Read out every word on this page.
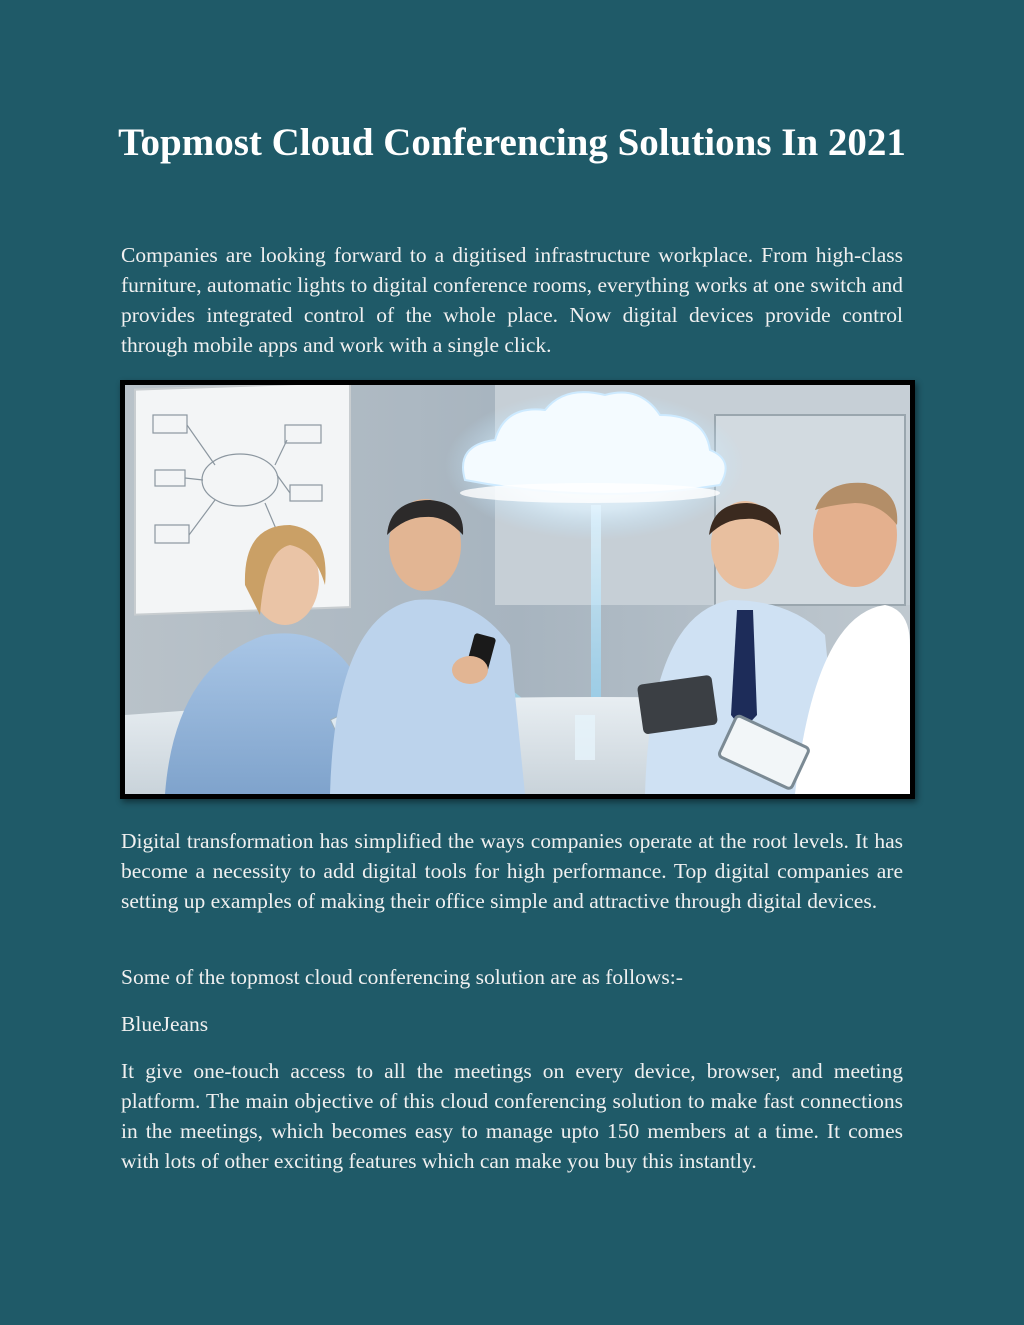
Topmost Cloud Conferencing Solutions In 2021

Companies are looking forward to a digitised infrastructure workplace. From high-class furniture, automatic lights to digital conference rooms, everything works at one switch and provides integrated control of the whole place. Now digital devices provide control through mobile apps and work with a single click.

Digital transformation has simplified the ways companies operate at the root levels. It has become a necessity to add digital tools for high performance. Top digital companies are setting up examples of making their office simple and attractive through digital devices.

Some of the topmost cloud conferencing solution are as follows:-

BlueJeans

It give one-touch access to all the meetings on every device, browser, and meeting platform. The main objective of this cloud conferencing solution to make fast connections in the meetings, which becomes easy to manage upto 150 members at a time. It comes with lots of other exciting features which can make you buy this instantly.
